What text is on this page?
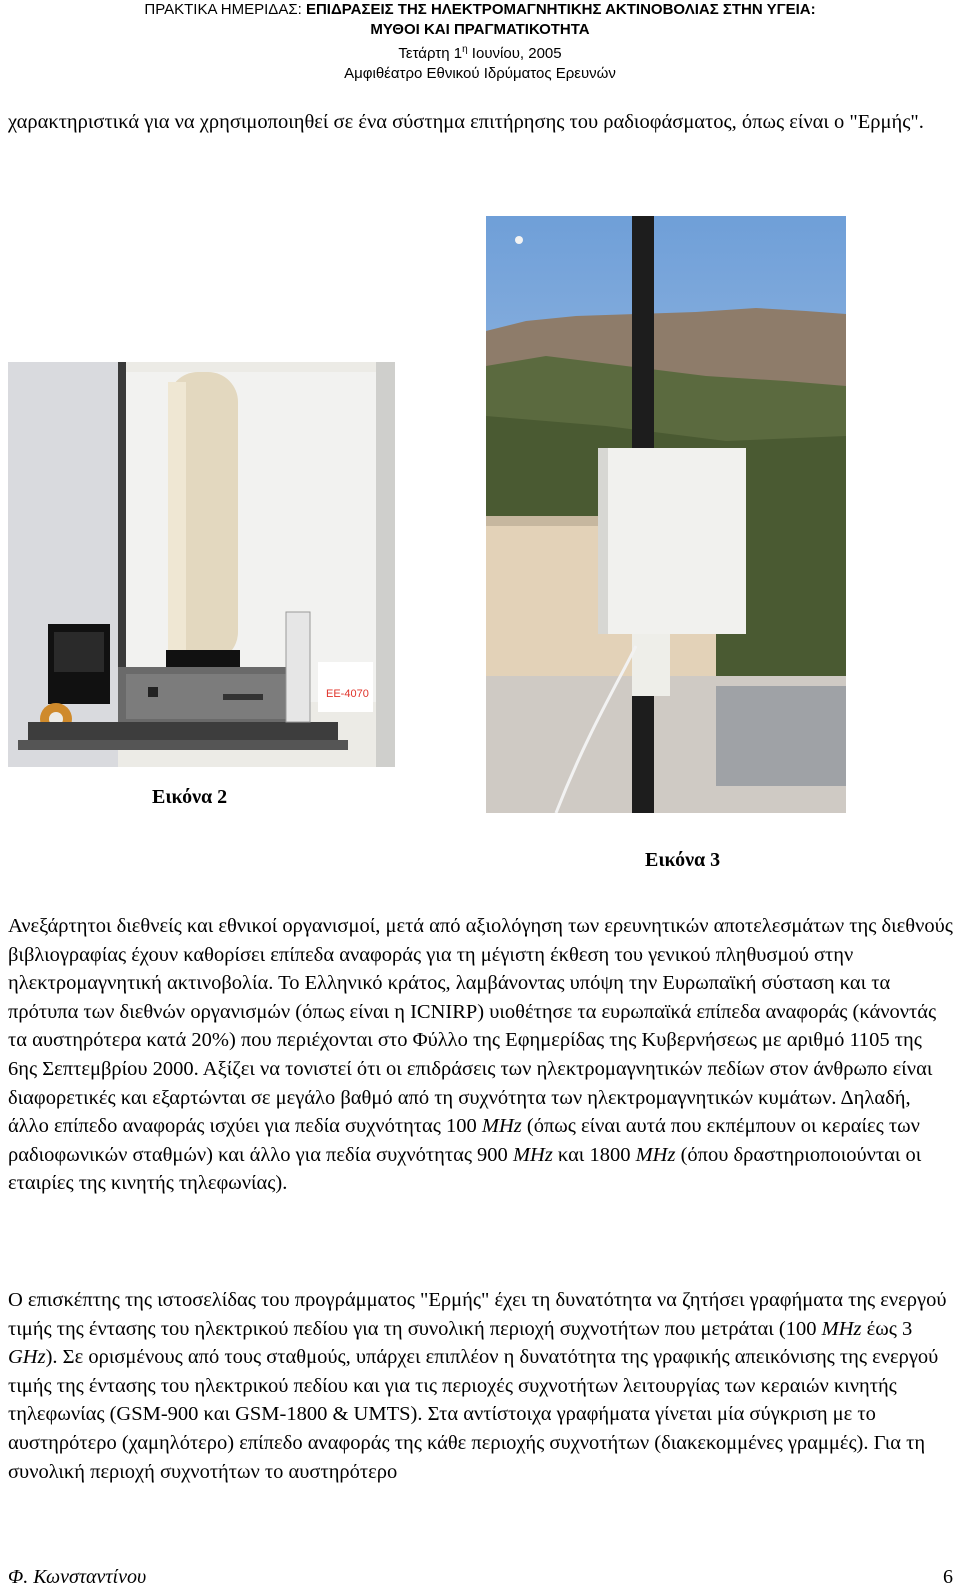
ΠΡΑΚΤΙΚΑ ΗΜΕΡΙΔΑΣ: ΕΠΙΔΡΑΣΕΙΣ ΤΗΣ ΗΛΕΚΤΡΟΜΑΓΝΗΤΙΚΗΣ ΑΚΤΙΝΟΒΟΛΙΑΣ ΣΤΗΝ ΥΓΕΙΑ:
ΜΥΘΟΙ ΚΑΙ ΠΡΑΓΜΑΤΙΚΟΤΗΤΑ
Τετάρτη $1^\eta$ Ιουνίου, 2005
Αμφιθέατρο Εθνικού Ιδρύματος Ερευνών
χαρακτηριστικά για να χρησιμοποιηθεί σε ένα σύστημα επιτήρησης του ραδιοφάσματος, όπως είναι ο "Ερμής".
EE-4070
Εικόνα 2
Εικόνα 3
Ανεξάρτητοι διεθνείς και εθνικοί οργανισμοί, μετά από αξιολόγηση των ερευνητικών αποτελεσμάτων της διεθνούς βιβλιογραφίας έχουν καθορίσει επίπεδα αναφοράς για τη μέγιστη έκθεση του γενικού πληθυσμού στην ηλεκτρομαγνητική ακτινοβολία. Το Ελληνικό κράτος, λαμβάνοντας υπόψη την Ευρωπαϊκή σύσταση και τα πρότυπα των διεθνών οργανισμών (όπως είναι η ICNIRP) υιοθέτησε τα ευρωπαϊκά επίπεδα αναφοράς (κάνοντάς τα αυστηρότερα κατά 20%) που περιέχονται στο Φύλλο της Εφημερίδας της Κυβερνήσεως με αριθμό 1105 της 6ης Σεπτεμβρίου 2000. Αξίζει να τονιστεί ότι οι επιδράσεις των ηλεκτρομαγνητικών πεδίων στον άνθρωπο είναι διαφορετικές και εξαρτώνται σε μεγάλο βαθμό από τη συχνότητα των ηλεκτρομαγνητικών κυμάτων. Δηλαδή, άλλο επίπεδο αναφοράς ισχύει για πεδία συχνότητας 100 MHz (όπως είναι αυτά που εκπέμπουν οι κεραίες των ραδιοφωνικών σταθμών) και άλλο για πεδία συχνότητας 900 MHz και 1800 MHz (όπου δραστηριοποιούνται οι εταιρίες της κινητής τηλεφωνίας).
Ο επισκέπτης της ιστοσελίδας του προγράμματος "Ερμής" έχει τη δυνατότητα να ζητήσει γραφήματα της ενεργού τιμής της έντασης του ηλεκτρικού πεδίου για τη συνολική περιοχή συχνοτήτων που μετράται (100 MHz έως 3 GHz). Σε ορισμένους από τους σταθμούς, υπάρχει επιπλέον η δυνατότητα της γραφικής απεικόνισης της ενεργού τιμής της έντασης του ηλεκτρικού πεδίου και για τις περιοχές συχνοτήτων λειτουργίας των κεραιών κινητής τηλεφωνίας (GSM-900 και GSM-1800 & UMTS). Στα αντίστοιχα γραφήματα γίνεται μία σύγκριση με το αυστηρότερο (χαμηλότερο) επίπεδο αναφοράς της κάθε περιοχής συχνοτήτων (διακεκομμένες γραμμές). Για τη συνολική περιοχή συχνοτήτων το αυστηρότερο
Φ. Κωνσταντίνου	6
